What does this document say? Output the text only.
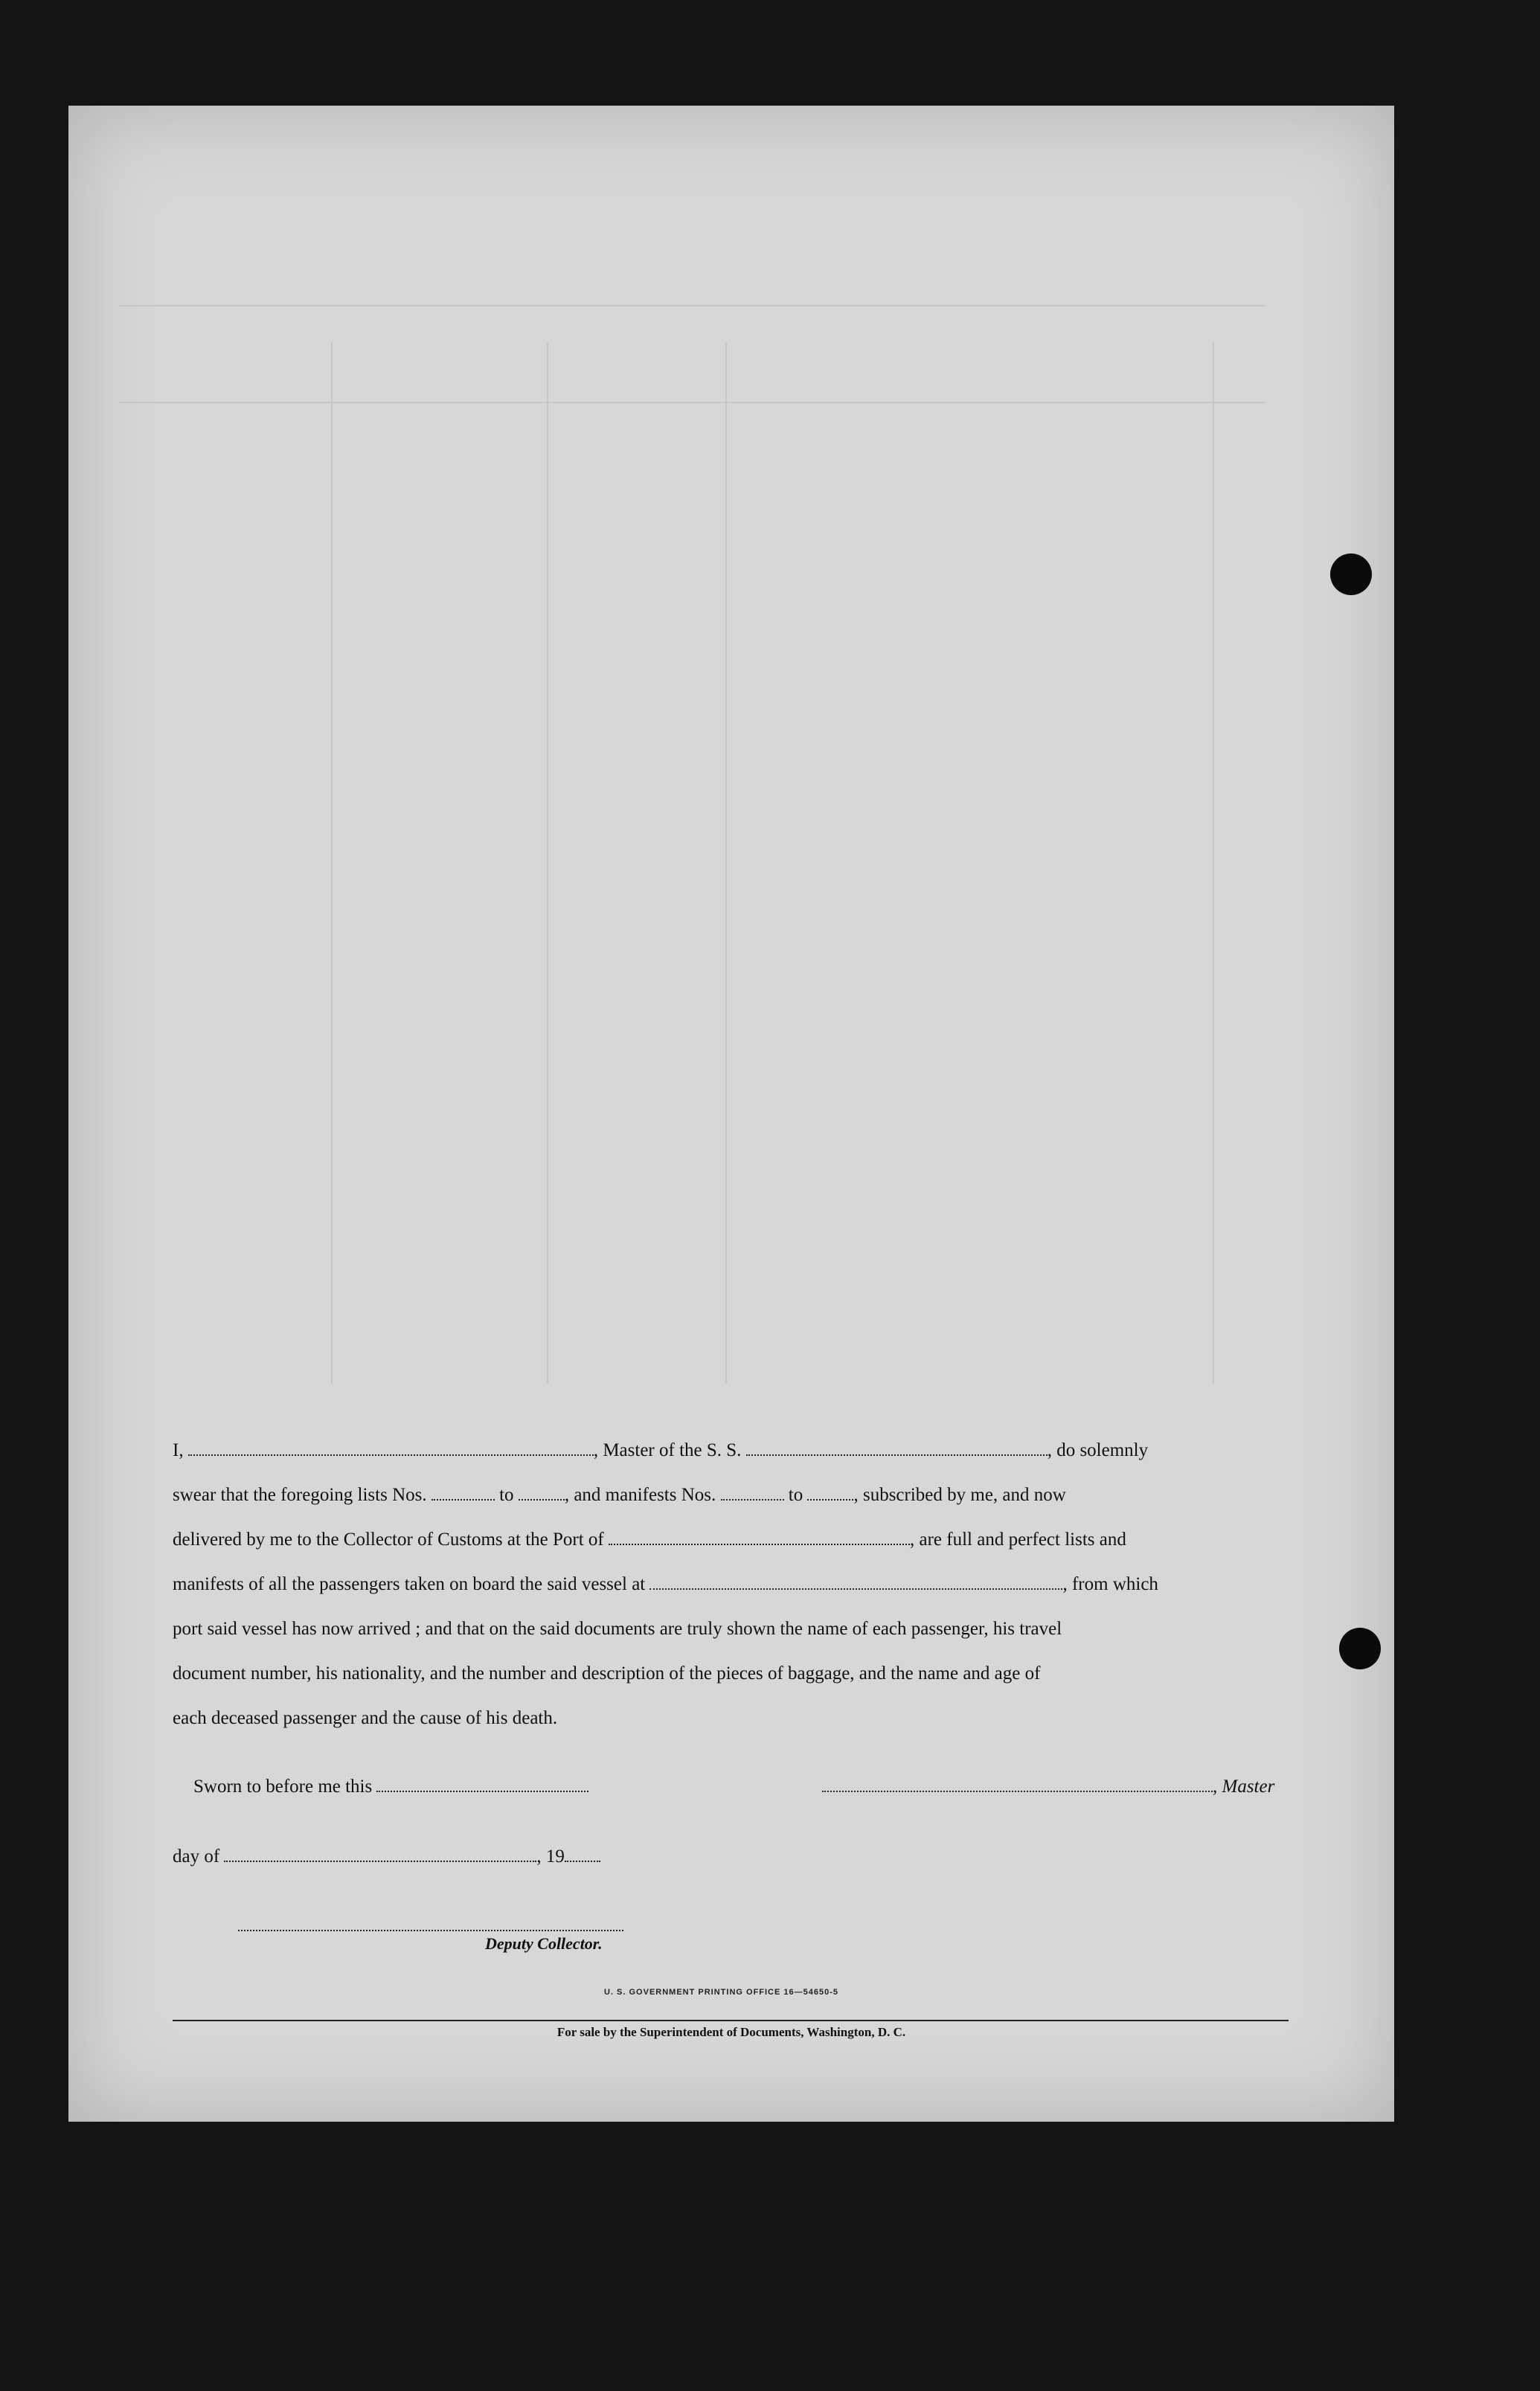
I,	, Master of the S. S.	, do solemnly
swear that the foregoing lists Nos.	to	, and manifests Nos.	to	, subscribed by me, and now
delivered by me to the Collector of Customs at the Port of	, are full and perfect lists and
manifests of all the passengers taken on board the said vessel at	, from which
port said vessel has now arrived ; and that on the said documents are truly shown the name of each passenger, his travel
document number, his nationality, and the number and description of the pieces of baggage, and the name and age of
each deceased passenger and the cause of his death.
Sworn to before me this	, Master
day of	, 19
Deputy Collector.
U. S. GOVERNMENT PRINTING OFFICE 16—54650-5
For sale by the Superintendent of Documents, Washington, D. C.
